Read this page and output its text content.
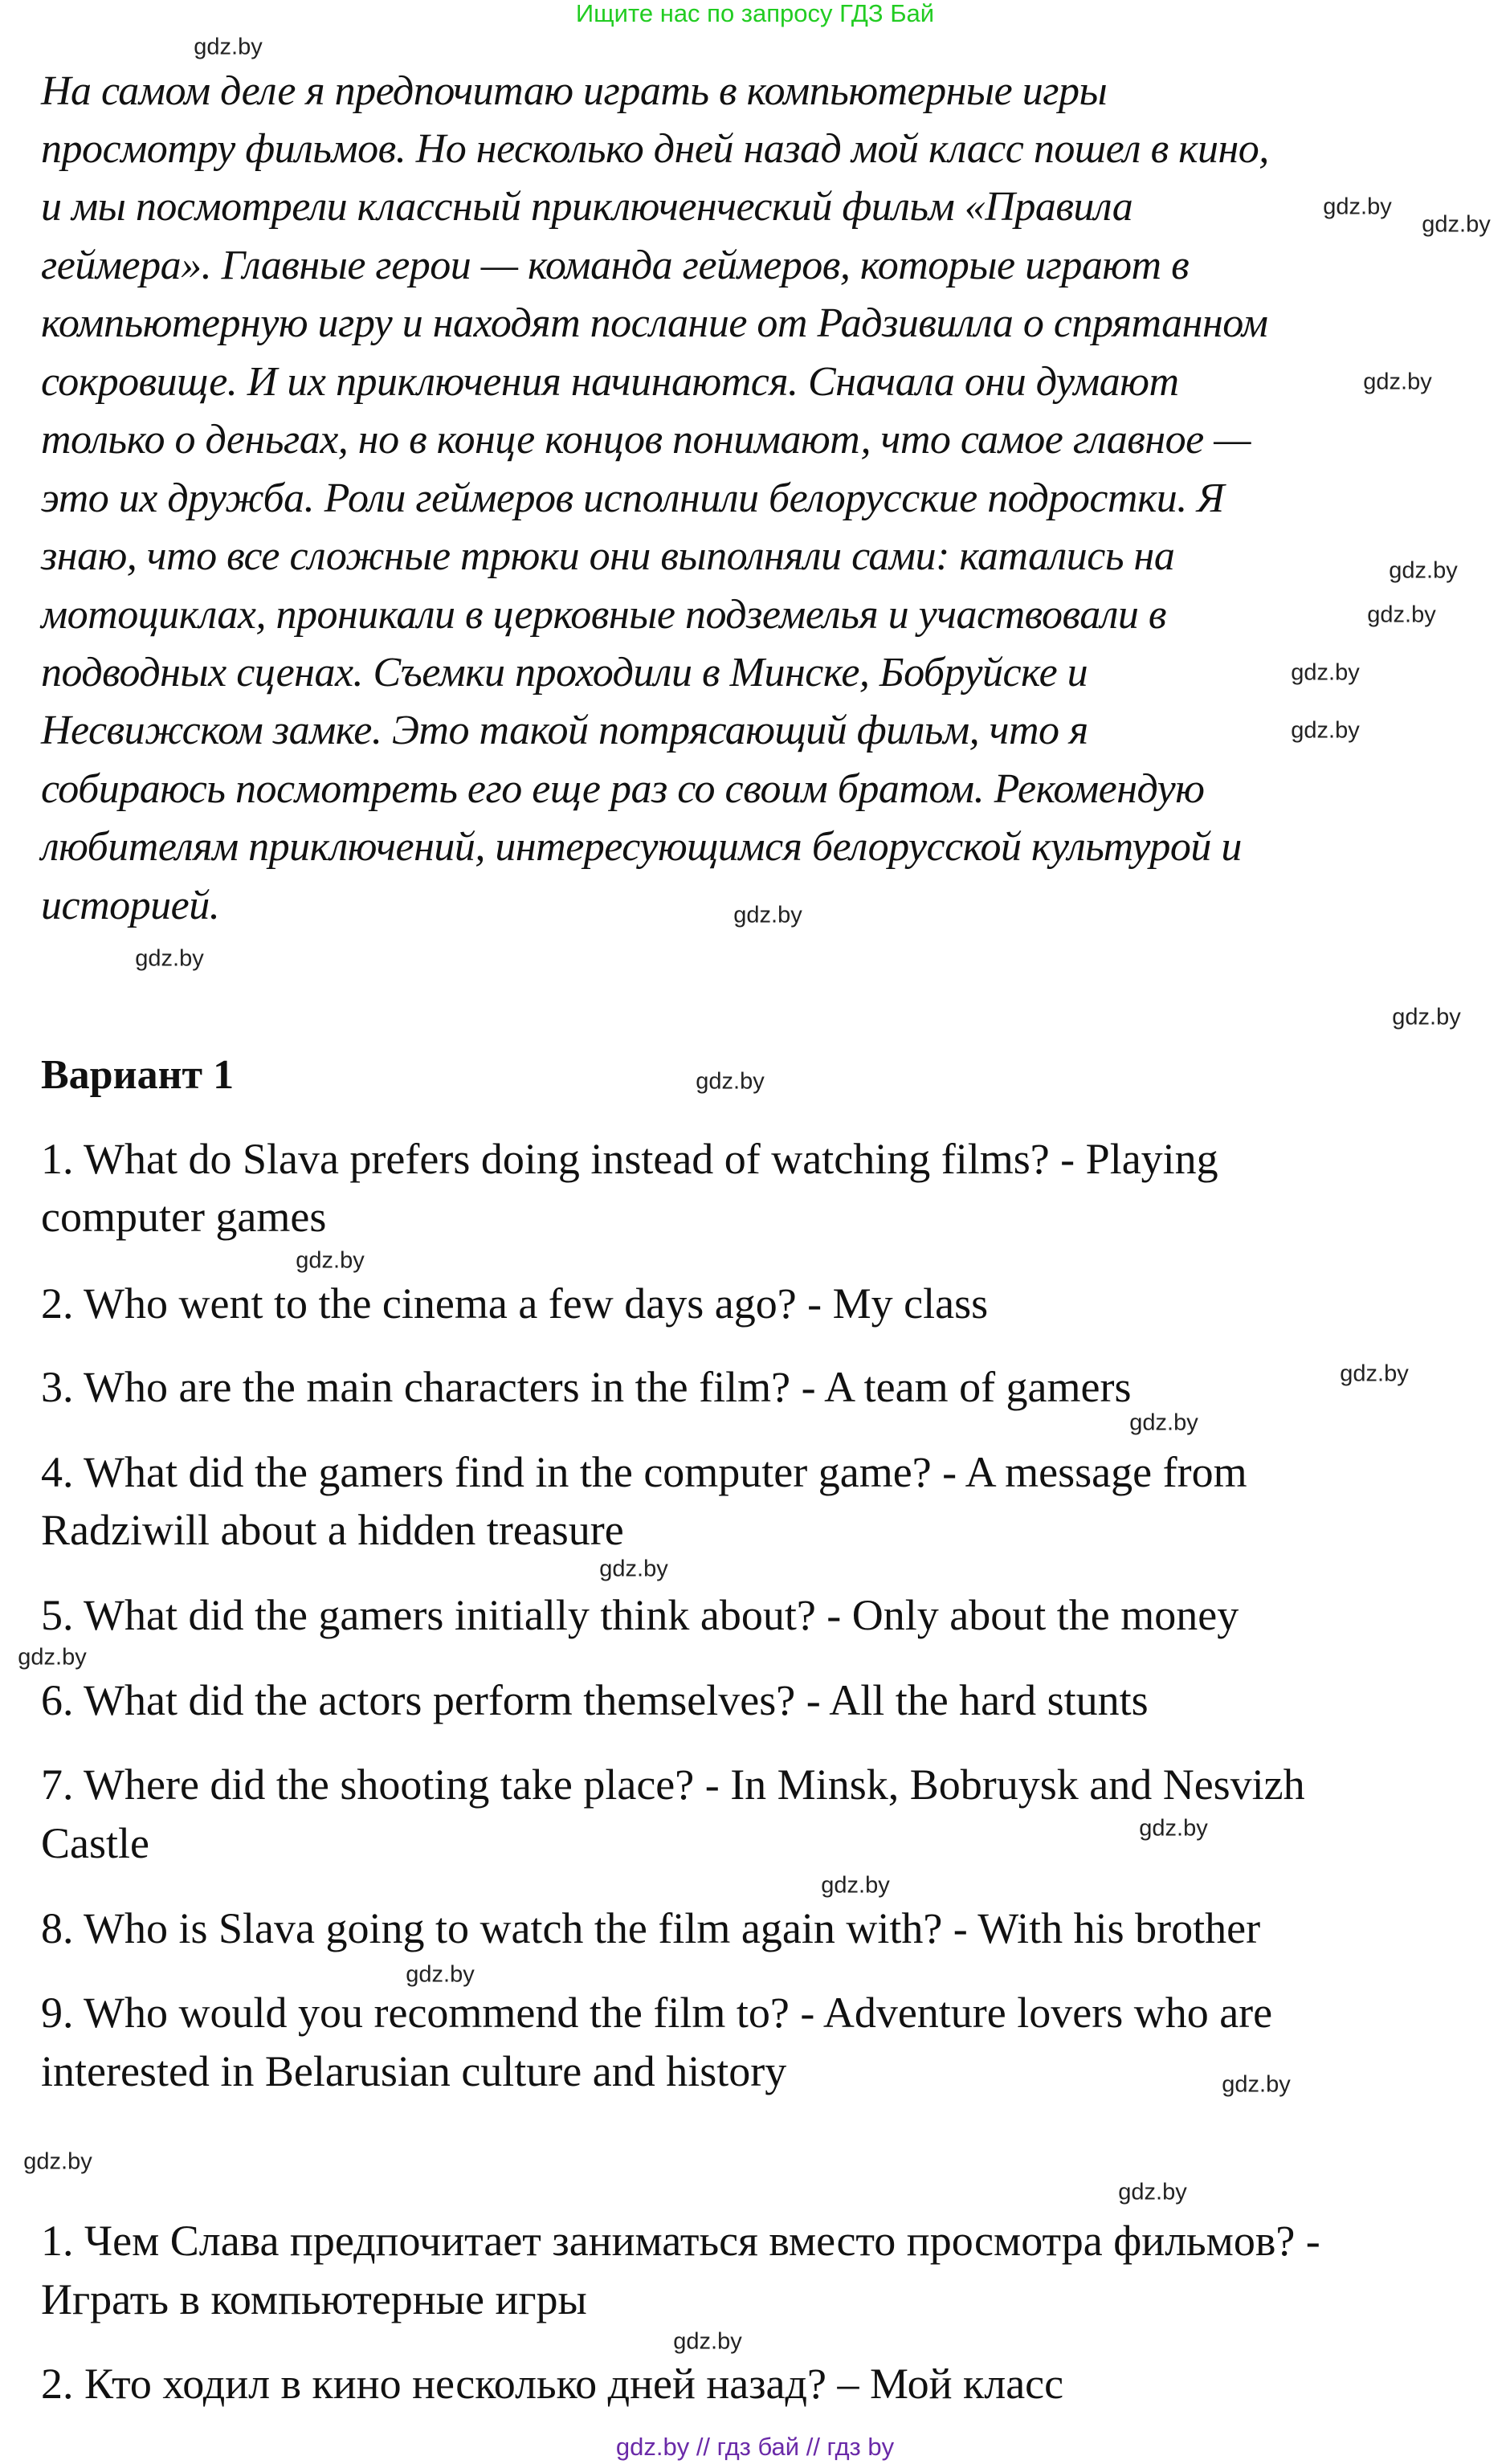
Ищите нас по запросу ГДЗ Бай
На самом деле я предпочитаю играть в компьютерные игры
просмотру фильмов. Но несколько дней назад мой класс пошел в кино,
и мы посмотрели классный приключенческий фильм «Правила
геймера». Главные герои — команда геймеров, которые играют в
компьютерную игру и находят послание от Радзивилла о спрятанном
сокровище. И их приключения начинаются. Сначала они думают
только о деньгах, но в конце концов понимают, что самое главное —
это их дружба. Роли геймеров исполнили белорусские подростки. Я
знаю, что все сложные трюки они выполняли сами: катались на
мотоциклах, проникали в церковные подземелья и участвовали в
подводных сценах. Съемки проходили в Минске, Бобруйске и
Несвижском замке. Это такой потрясающий фильм, что я
собираюсь посмотреть его еще раз со своим братом. Рекомендую
любителям приключений, интересующимся белорусской культурой и
историей.
Вариант 1
1. What do Slava prefers doing instead of watching films? - Playing
computer games
2. Who went to the cinema a few days ago? - My class
3. Who are the main characters in the film? - A team of gamers
4. What did the gamers find in the computer game? - A message from
Radziwill about a hidden treasure
5. What did the gamers initially think about? - Only about the money
6. What did the actors perform themselves? - All the hard stunts
7. Where did the shooting take place? - In Minsk, Bobruysk and Nesvizh
Castle
8. Who is Slava going to watch the film again with? - With his brother
9. Who would you recommend the film to? - Adventure lovers who are
interested in Belarusian culture and history
1. Чем Слава предпочитает заниматься вместо просмотра фильмов? -
Играть в компьютерные игры
2. Кто ходил в кино несколько дней назад? – Мой класс
gdz.by
gdz.by
gdz.by
gdz.by
gdz.by
gdz.by
gdz.by
gdz.by
gdz.by
gdz.by
gdz.by
gdz.by
gdz.by
gdz.by
gdz.by
gdz.by
gdz.by
gdz.by
gdz.by
gdz.by
gdz.by
gdz.by
gdz.by
gdz.by
gdz.by // гдз бай // гдз by
